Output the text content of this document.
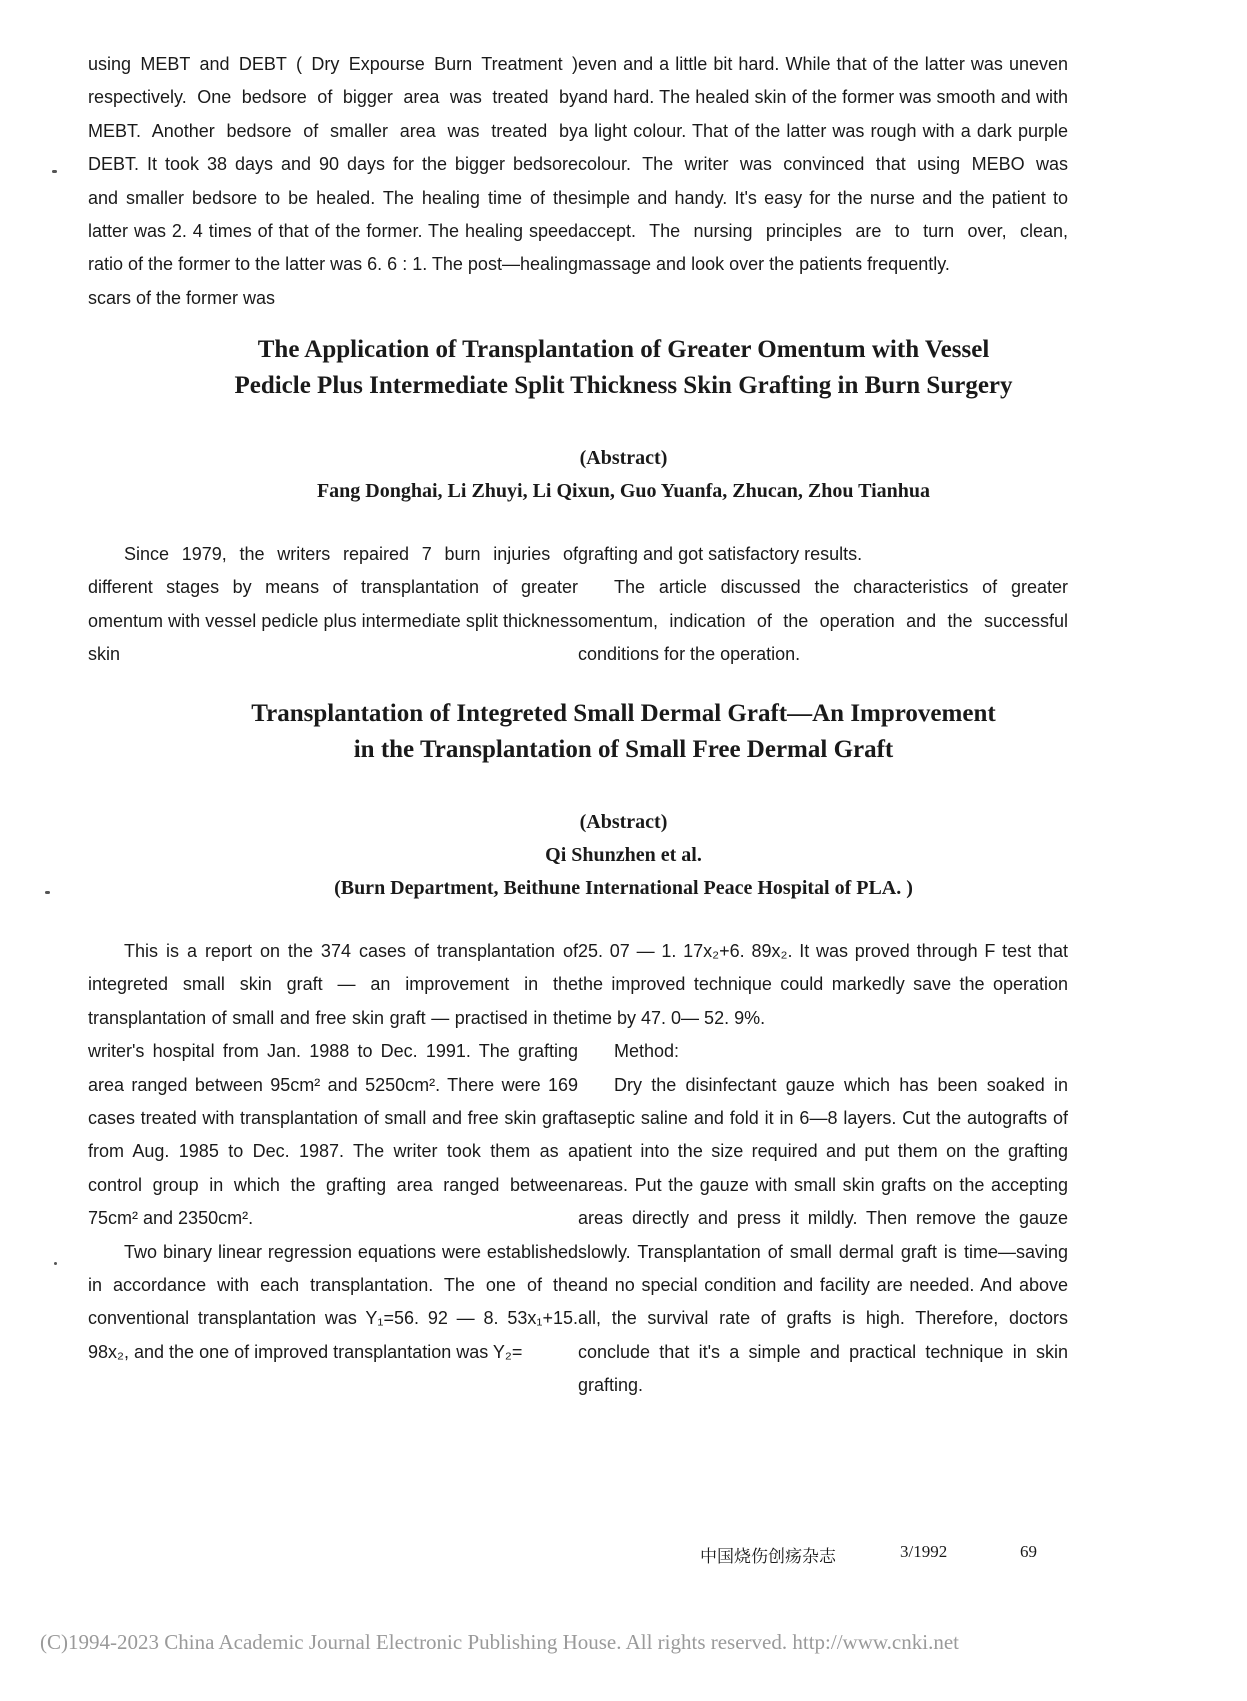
using MEBT and DEBT ( Dry Expourse Burn Treatment ) respectively. One bedsore of bigger area was treated by MEBT. Another bedsore of smaller area was treated by DEBT. It took 38 days and 90 days for the bigger bedsore and smaller bedsore to be healed. The healing time of the latter was 2. 4 times of that of the former. The healing speed ratio of the former to the latter was 6. 6 : 1. The post—healing scars of the former was

even and a little bit hard. While that of the latter was uneven and hard. The healed skin of the former was smooth and with a light colour. That of the latter was rough with a dark purple colour. The writer was convinced that using MEBO was simple and handy. It's easy for the nurse and the patient to accept. The nursing principles are to turn over, clean, massage and look over the patients frequently.

The Application of Transplantation of Greater Omentum with Vessel
Pedicle Plus Intermediate Split Thickness Skin Grafting in Burn Surgery

(Abstract)

Fang Donghai, Li Zhuyi, Li Qixun, Guo Yuanfa, Zhucan, Zhou Tianhua

Since 1979, the writers repaired 7 burn injuries of different stages by means of transplantation of greater omentum with vessel pedicle plus intermediate split thickness skin

grafting and got satisfactory results.

The article discussed the characteristics of greater omentum, indication of the operation and the successful conditions for the operation.

Transplantation of Integreted Small Dermal Graft—An Improvement
in the Transplantation of Small Free Dermal Graft

(Abstract)

Qi Shunzhen et al.

(Burn Department, Beithune International Peace Hospital of PLA. )

This is a report on the 374 cases of transplantation of integreted small skin graft — an improvement in the transplantation of small and free skin graft — practised in the writer's hospital from Jan. 1988 to Dec. 1991. The grafting area ranged between 95cm² and 5250cm². There were 169 cases treated with transplantation of small and free skin graft from Aug. 1985 to Dec. 1987. The writer took them as a control group in which the grafting area ranged between 75cm² and 2350cm².

Two binary linear regression equations were established in accordance with each transplantation. The one of the conventional transplantation was Y₁=56. 92 — 8. 53x₁+15. 98x₂, and the one of improved transplantation was Y₂=

25. 07 — 1. 17x₂+6. 89x₂. It was proved through F test that the improved technique could markedly save the operation time by 47. 0— 52. 9%.

Method:

Dry the disinfectant gauze which has been soaked in aseptic saline and fold it in 6—8 layers. Cut the autografts of patient into the size required and put them on the grafting areas. Put the gauze with small skin grafts on the accepting areas directly and press it mildly. Then remove the gauze slowly. Transplantation of small dermal graft is time—saving and no special condition and facility are needed. And above all, the survival rate of grafts is high. Therefore, doctors conclude that it's a simple and practical technique in skin grafting.

中国烧伤创疡杂志	3/1992	69

(C)1994-2023 China Academic Journal Electronic Publishing House. All rights reserved. http://www.cnki.net
